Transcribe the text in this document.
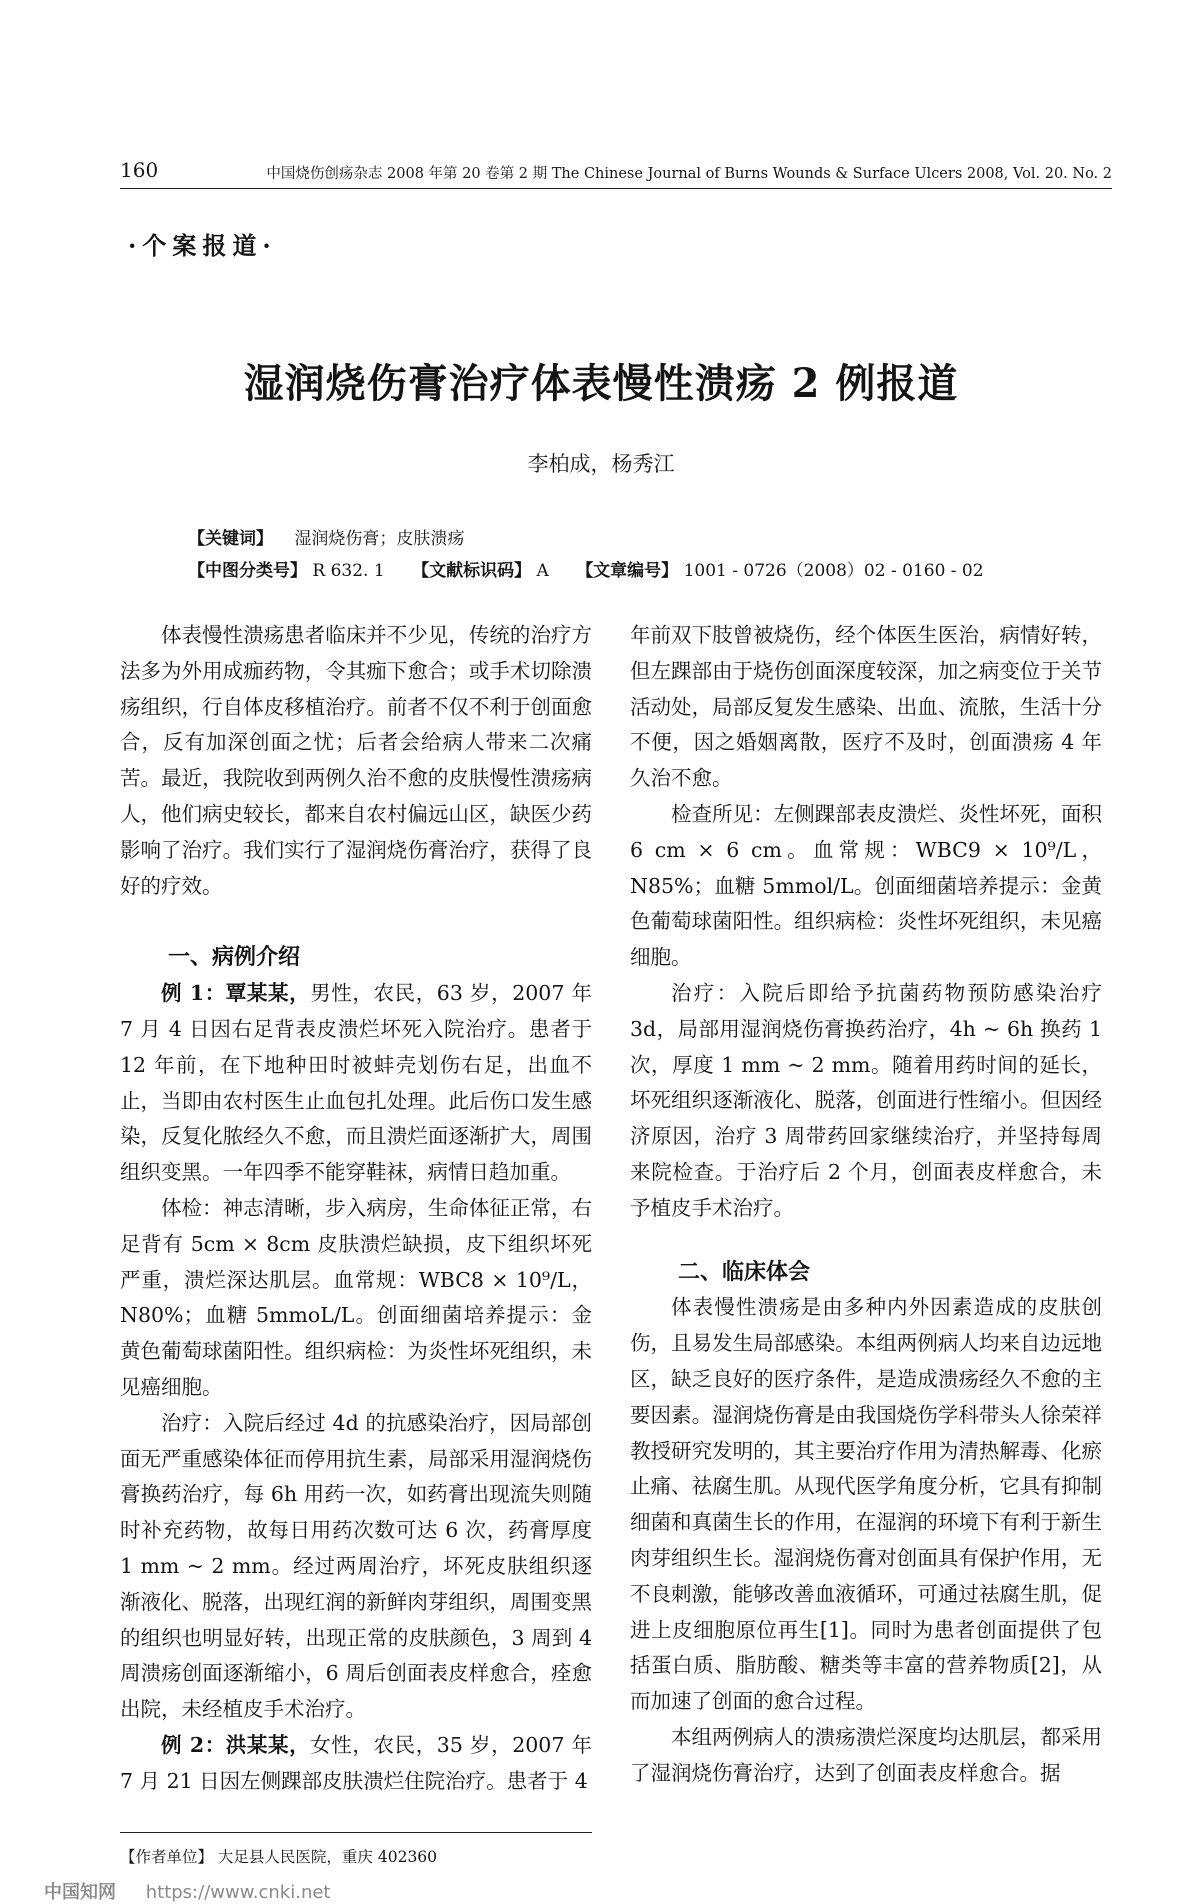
160	中国烧伤创疡杂志 2008 年第 20 卷第 2 期 The Chinese Journal of Burns Wounds & Surface Ulcers 2008, Vol. 20. No. 2
·个案报道·
湿润烧伤膏治疗体表慢性溃疡 2 例报道
李柏成，杨秀江
【关键词】 湿润烧伤膏；皮肤溃疡
【中图分类号】 R 632. 1 【文献标识码】 A 【文章编号】 1001 - 0726（2008）02 - 0160 - 02

体表慢性溃疡患者临床并不少见，传统的治疗方法多为外用成痂药物，令其痂下愈合；或手术切除溃疡组织，行自体皮移植治疗。前者不仅不利于创面愈合，反有加深创面之忧；后者会给病人带来二次痛苦。最近，我院收到两例久治不愈的皮肤慢性溃疡病人，他们病史较长，都来自农村偏远山区，缺医少药影响了治疗。我们实行了湿润烧伤膏治疗，获得了良好的疗效。

一、病例介绍

例 1：覃某某，男性，农民，63 岁，2007 年 7 月 4 日因右足背表皮溃烂坏死入院治疗。患者于 12 年前，在下地种田时被蚌壳划伤右足，出血不止，当即由农村医生止血包扎处理。此后伤口发生感染，反复化脓经久不愈，而且溃烂面逐渐扩大，周围组织变黑。一年四季不能穿鞋袜，病情日趋加重。

体检：神志清晰，步入病房，生命体征正常，右足背有 5cm × 8cm 皮肤溃烂缺损，皮下组织坏死严重，溃烂深达肌层。血常规：WBC8 × 10⁹/L，N80%；血糖 5mmoL/L。创面细菌培养提示：金黄色葡萄球菌阳性。组织病检：为炎性坏死组织，未见癌细胞。

治疗：入院后经过 4d 的抗感染治疗，因局部创面无严重感染体征而停用抗生素，局部采用湿润烧伤膏换药治疗，每 6h 用药一次，如药膏出现流失则随时补充药物，故每日用药次数可达 6 次，药膏厚度 1 mm ~ 2 mm。经过两周治疗，坏死皮肤组织逐渐液化、脱落，出现红润的新鲜肉芽组织，周围变黑的组织也明显好转，出现正常的皮肤颜色，3 周到 4 周溃疡创面逐渐缩小，6 周后创面表皮样愈合，痊愈出院，未经植皮手术治疗。

例 2：洪某某，女性，农民，35 岁，2007 年 7 月 21 日因左侧踝部皮肤溃烂住院治疗。患者于 4

年前双下肢曾被烧伤，经个体医生医治，病情好转，但左踝部由于烧伤创面深度较深，加之病变位于关节活动处，局部反复发生感染、出血、流脓，生活十分不便，因之婚姻离散，医疗不及时，创面溃疡 4 年久治不愈。

检查所见：左侧踝部表皮溃烂、炎性坏死，面积 6 cm × 6 cm。血常规：WBC9 × 10⁹/L，N85%；血糖 5mmol/L。创面细菌培养提示：金黄色葡萄球菌阳性。组织病检：炎性坏死组织，未见癌细胞。

治疗：入院后即给予抗菌药物预防感染治疗 3d，局部用湿润烧伤膏换药治疗，4h ~ 6h 换药 1 次，厚度 1 mm ~ 2 mm。随着用药时间的延长，坏死组织逐渐液化、脱落，创面进行性缩小。但因经济原因，治疗 3 周带药回家继续治疗，并坚持每周来院检查。于治疗后 2 个月，创面表皮样愈合，未予植皮手术治疗。

二、临床体会

体表慢性溃疡是由多种内外因素造成的皮肤创伤，且易发生局部感染。本组两例病人均来自边远地区，缺乏良好的医疗条件，是造成溃疡经久不愈的主要因素。湿润烧伤膏是由我国烧伤学科带头人徐荣祥教授研究发明的，其主要治疗作用为清热解毒、化瘀止痛、祛腐生肌。从现代医学角度分析，它具有抑制细菌和真菌生长的作用，在湿润的环境下有利于新生肉芽组织生长。湿润烧伤膏对创面具有保护作用，无不良刺激，能够改善血液循环，可通过祛腐生肌，促进上皮细胞原位再生[1]。同时为患者创面提供了包括蛋白质、脂肪酸、糖类等丰富的营养物质[2]，从而加速了创面的愈合过程。

本组两例病人的溃疡溃烂深度均达肌层，都采用了湿润烧伤膏治疗，达到了创面表皮样愈合。据

【作者单位】 大足县人民医院，重庆 402360
中国知网 https://www.cnki.net
